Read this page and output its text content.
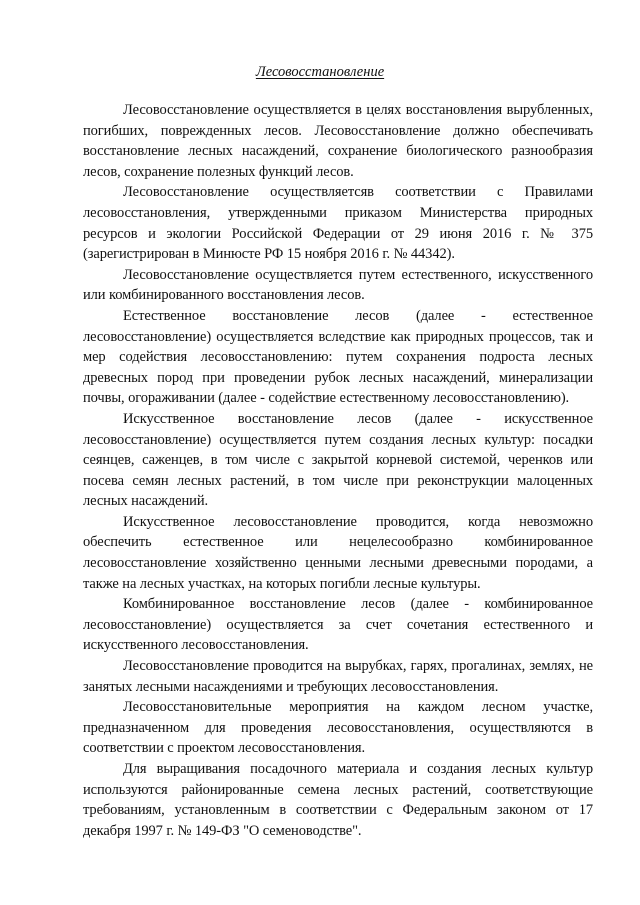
Лесовосстановление

Лесовосстановление осуществляется в целях восстановления вырубленных, погибших, поврежденных лесов. Лесовосстановление должно обеспечивать восстановление лесных насаждений, сохранение биологического разнообразия лесов, сохранение полезных функций лесов.

Лесовосстановление осуществляетсяв соответствии с Правилами лесовосстановления, утвержденными приказом Министерства природных ресурсов и экологии Российской Федерации от 29 июня 2016 г. № 375 (зарегистрирован в Минюсте РФ 15 ноября 2016 г. № 44342).

Лесовосстановление осуществляется путем естественного, искусственного или комбинированного восстановления лесов.

Естественное восстановление лесов (далее - естественное лесовосстановление) осуществляется вследствие как природных процессов, так и мер содействия лесовосстановлению: путем сохранения подроста лесных древесных пород при проведении рубок лесных насаждений, минерализации почвы, огораживании (далее - содействие естественному лесовосстановлению).

Искусственное восстановление лесов (далее - искусственное лесовосстановление) осуществляется путем создания лесных культур: посадки сеянцев, саженцев, в том числе с закрытой корневой системой, черенков или посева семян лесных растений, в том числе при реконструкции малоценных лесных насаждений.

Искусственное лесовосстановление проводится, когда невозможно обеспечить естественное или нецелесообразно комбинированное лесовосстановление хозяйственно ценными лесными древесными породами, а также на лесных участках, на которых погибли лесные культуры.

Комбинированное восстановление лесов (далее - комбинированное лесовосстановление) осуществляется за счет сочетания естественного и искусственного лесовосстановления.

Лесовосстановление проводится на вырубках, гарях, прогалинах, землях, не занятых лесными насаждениями и требующих лесовосстановления.

Лесовосстановительные мероприятия на каждом лесном участке, предназначенном для проведения лесовосстановления, осуществляются в соответствии с проектом лесовосстановления.

Для выращивания посадочного материала и создания лесных культур используются районированные семена лесных растений, соответствующие требованиям, установленным в соответствии с Федеральным законом от 17 декабря 1997 г. № 149-ФЗ "О семеноводстве".
